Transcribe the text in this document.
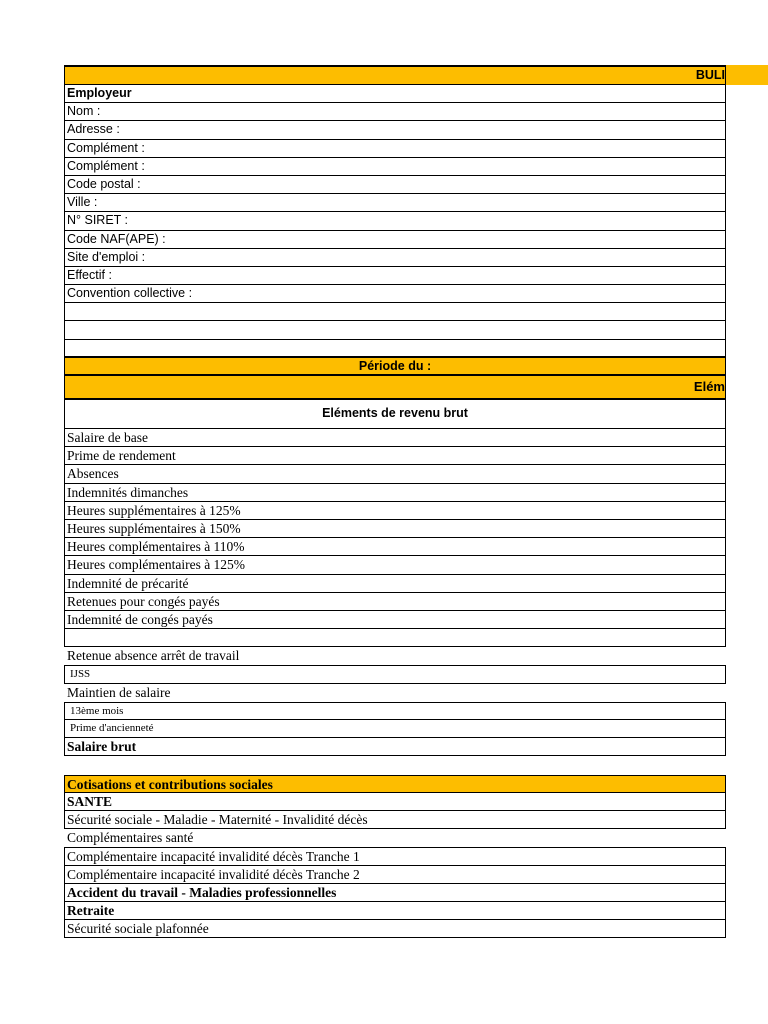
BULI
Employeur
Nom :
Adresse :
Complément :
Complément :
Code postal :
Ville :
N° SIRET :
Code NAF(APE) :
Site d'emploi :
Effectif :
Convention collective :
Période du :
Elém
Eléments de revenu brut
Salaire de base
Prime de rendement
Absences
Indemnités dimanches
Heures supplémentaires à 125%
Heures supplémentaires à 150%
Heures complémentaires à 110%
Heures complémentaires à 125%
Indemnité de précarité
Retenues pour congés payés
Indemnité de congés payés
Retenue absence arrêt de travail
IJSS
Maintien de salaire
13ème mois
Prime d'ancienneté
Salaire brut
Cotisations et contributions sociales
SANTE
Sécurité sociale - Maladie - Maternité - Invalidité décès
Complémentaires santé
Complémentaire incapacité invalidité décès Tranche 1
Complémentaire incapacité invalidité décès Tranche 2
Accident du travail - Maladies professionnelles
Retraite
Sécurité sociale plafonnée
